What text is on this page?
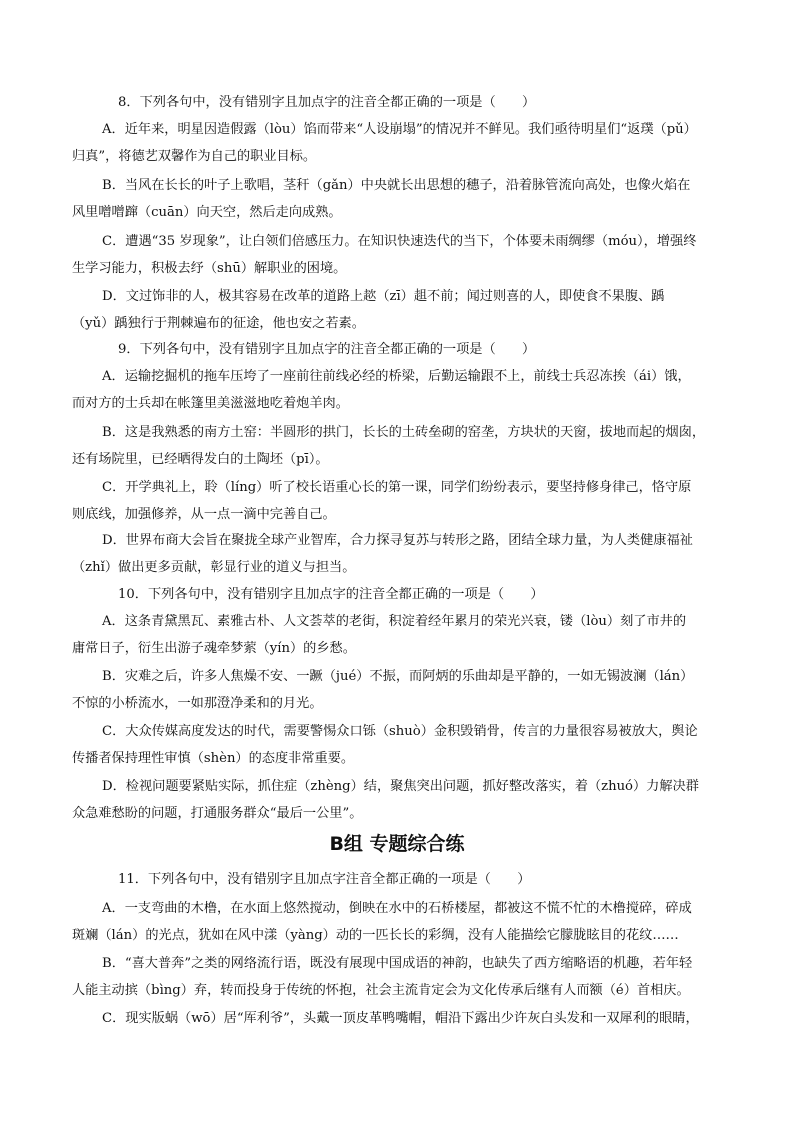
8．下列各句中，没有错别字且加点字的注音全都正确的一项是（　　）
A．近年来，明星因造假露（lòu）馅而带来“人设崩塌”的情况并不鲜见。我们亟待明星们“返璞（pǔ）
归真”，将德艺双馨作为自己的职业目标。
B．当风在长长的叶子上歌唱，茎秆（gǎn）中央就长出思想的穗子，沿着脉管流向高处，也像火焰在
风里噌噌蹿（cuān）向天空，然后走向成熟。
C．遭遇“35 岁现象”，让白领们倍感压力。在知识快速迭代的当下，个体要未雨绸缪（móu），增强终
生学习能力，积极去纾（shū）解职业的困境。
D．文过饰非的人，极其容易在改革的道路上趑（zī）趄不前；闻过则喜的人，即使食不果腹、踽
（yǔ）踽独行于荆棘遍布的征途，他也安之若素。
9．下列各句中，没有错别字且加点字的注音全都正确的一项是（　　）
A．运输挖掘机的拖车压垮了一座前往前线必经的桥梁，后勤运输跟不上，前线士兵忍冻挨（ái）饿，
而对方的士兵却在帐篷里美滋滋地吃着炮羊肉。
B．这是我熟悉的南方土窑：半圆形的拱门，长长的土砖垒砌的窑垄，方块状的天窗，拔地而起的烟囱，
还有场院里，已经晒得发白的土陶坯（pī）。
C．开学典礼上，聆（líng）听了校长语重心长的第一课，同学们纷纷表示，要坚持修身律己，恪守原
则底线，加强修养，从一点一滴中完善自己。
D．世界布商大会旨在聚拢全球产业智库，合力探寻复苏与转形之路，团结全球力量，为人类健康福祉
（zhǐ）做出更多贡献，彰显行业的道义与担当。
10．下列各句中，没有错别字且加点字的注音全都正确的一项是（　　）
A．这条青黛黑瓦、素雅古朴、人文荟萃的老街，积淀着经年累月的荣光兴衰，镂（lòu）刻了市井的
庸常日子，衍生出游子魂牵梦萦（yín）的乡愁。
B．灾难之后，许多人焦燥不安、一蹶（jué）不振，而阿炳的乐曲却是平静的，一如无锡波澜（lán）
不惊的小桥流水，一如那澄净柔和的月光。
C．大众传媒高度发达的时代，需要警惕众口铄（shuò）金积毁销骨，传言的力量很容易被放大，舆论
传播者保持理性审慎（shèn）的态度非常重要。
D．检视问题要紧贴实际，抓住症（zhèng）结，聚焦突出问题，抓好整改落实，着（zhuó）力解决群
众急难愁盼的问题，打通服务群众“最后一公里”。
B组 专题综合练
11．下列各句中，没有错别字且加点字注音全都正确的一项是（　　）
A．一支弯曲的木橹，在水面上悠然搅动，倒映在水中的石桥楼屋，都被这不慌不忙的木橹搅碎，碎成
斑斓（lán）的光点，犹如在风中漾（yàng）动的一匹长长的彩绸，没有人能描绘它朦胧眩目的花纹……
B．“喜大普奔”之类的网络流行语，既没有展现中国成语的神韵，也缺失了西方缩略语的机趣，若年轻
人能主动摈（bìng）弃，转而投身于传统的怀抱，社会主流肯定会为文化传承后继有人而额（é）首相庆。
C．现实版蜗（wō）居“厍利爷”，头戴一顶皮革鸭嘴帽，帽沿下露出少许灰白头发和一双犀利的眼睛，
